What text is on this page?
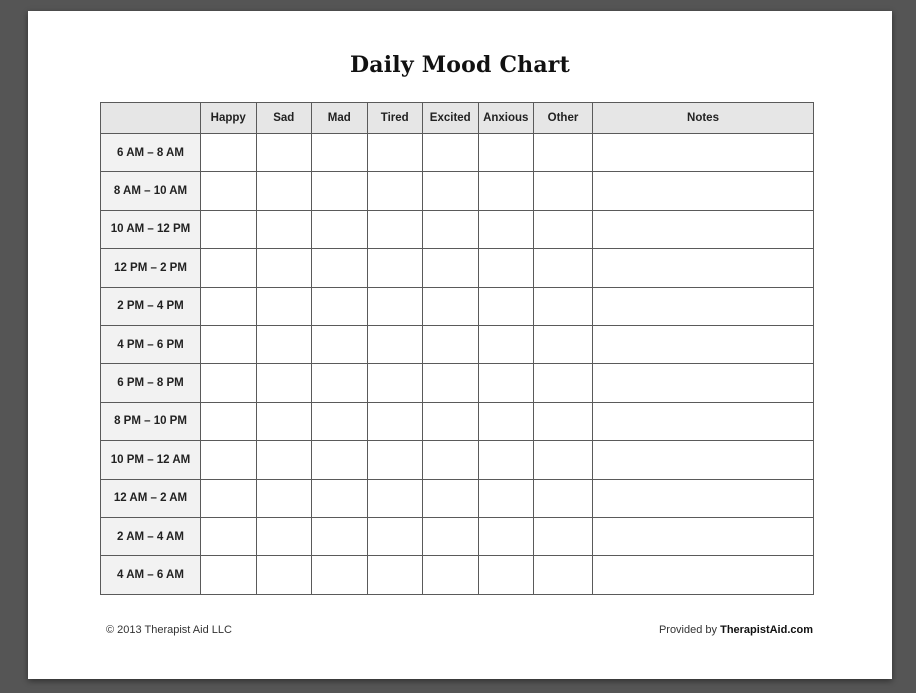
Daily Mood Chart
	Happy	Sad	Mad	Tired	Excited	Anxious	Other	Notes
6 AM – 8 AM								
8 AM – 10 AM								
10 AM – 12 PM								
12 PM – 2 PM								
2 PM – 4 PM								
4 PM – 6 PM								
6 PM – 8 PM								
8 PM – 10 PM								
10 PM – 12 AM								
12 AM – 2 AM								
2 AM – 4 AM								
4 AM – 6 AM								
© 2013 Therapist Aid LLC	Provided by TherapistAid.com
